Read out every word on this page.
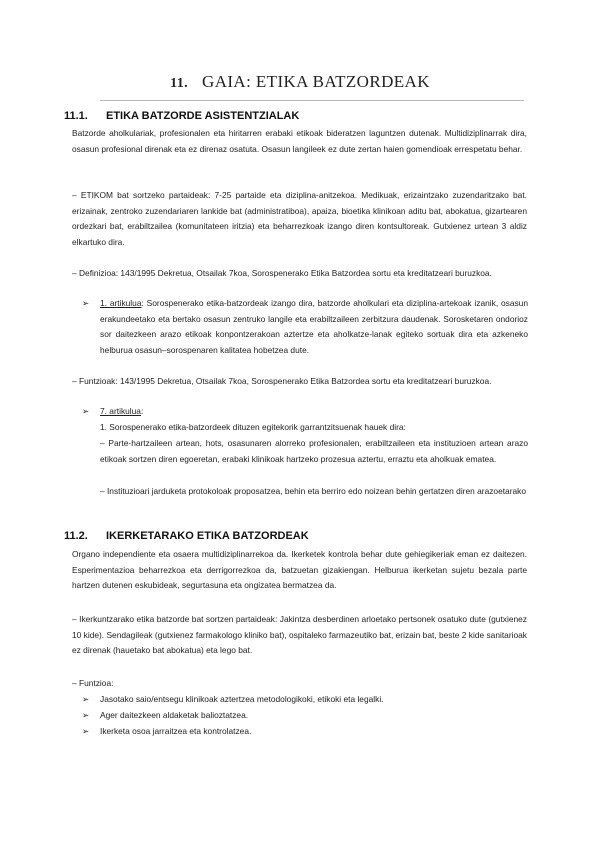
11. GAIA: ETIKA BATZORDEAK
11.1. ETIKA BATZORDE ASISTENTZIALAK
Batzorde aholkulariak, profesionalen eta hiritarren erabaki etikoak bideratzen laguntzen dutenak. Multidiziplinarrak dira, osasun profesional direnak eta ez direnaz osatuta. Osasun langileek ez dute zertan haien gomendioak errespetatu behar.
– ETIKOM bat sortzeko partaideak: 7-25 partaide eta diziplina-anitzekoa. Medikuak, erizaintzako zuzendaritzako bat. erizainak, zentroko zuzendariaren lankide bat (administratiboa), apaiza, bioetika klinikoan aditu bat, abokatua, gizartearen ordezkari bat, erabiltzailea (komunitateen iritzia) eta beharrezkoak izango diren kontsultoreak. Gutxienez urtean 3 aldiz elkartuko dira.
– Definizioa: 143/1995 Dekretua, Otsailak 7koa, Sorospenerako Etika Batzordea sortu eta kreditatzeari buruzkoa.
➢	1. artikulua: Sorospenerako etika-batzordeak izango dira, batzorde aholkulari eta diziplina-artekoak izanik, osasun erakundeetako eta bertako osasun zentruko langile eta erabiltzaileen zerbitzura daudenak. Sorosketaren ondorioz sor daitezkeen arazo etikoak konpontzerakoan aztertze eta aholkatze-lanak egiteko sortuak dira eta azkeneko helburua osasun–sorospenaren kalitatea hobetzea dute.
– Funtzioak: 143/1995 Dekretua, Otsailak 7koa, Sorospenerako Etika Batzordea sortu eta kreditatzeari buruzkoa.
➢	7. artikulua:
1. Sorospenerako etika-batzordeek dituzen egitekorik garrantzitsuenak hauek dira:
– Parte-hartzaileen artean, hots, osasunaren alorreko profesionalen, erabiltzaileen eta instituzioen artean arazo etikoak sortzen diren egoeretan, erabaki klinikoak hartzeko prozesua aztertu, erraztu eta aholkuak ematea.
– Instituzioari jarduketa protokoloak proposatzea, behin eta berriro edo noizean behin gertatzen diren arazoetarako
11.2. IKERKETARAKO ETIKA BATZORDEAK
Organo independiente eta osaera multidiziplinarrekoa da. Ikerketek kontrola behar dute gehiegikeriak eman ez daitezen. Esperimentazioa beharrezkoa eta derrigorrezkoa da, batzuetan gizakiengan. Helburua ikerketan sujetu bezala parte hartzen dutenen eskubideak, segurtasuna eta ongizatea bermatzea da.
– Ikerkuntzarako etika batzorde bat sortzen partaideak: Jakintza desberdinen arloetako pertsonek osatuko dute (gutxienez 10 kide). Sendagileak (gutxienez farmakologo kliniko bat), ospitaleko farmazeutiko bat, erizain bat, beste 2 kide sanitarioak ez direnak (hauetako bat abokatua) eta lego bat.
– Funtzioa:
➢	Jasotako saio/entsegu klinikoak aztertzea metodologikoki, etikoki eta legalki.
➢	Ager daitezkeen aldaketak balioztatzea.
➢	Ikerketa osoa jarraitzea eta kontrolatzea.
